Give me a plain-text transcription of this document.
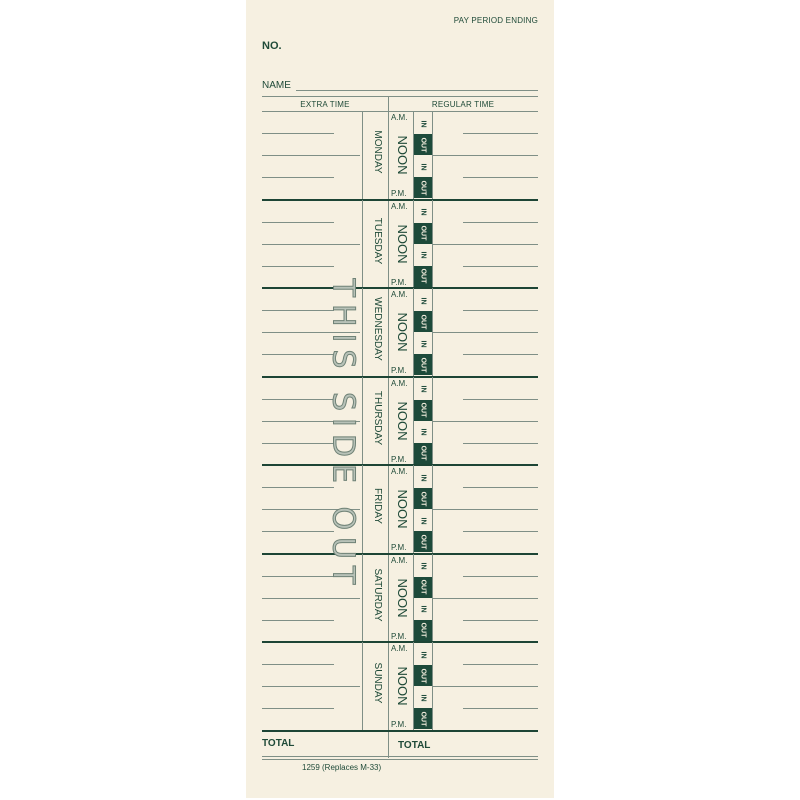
PAY PERIOD ENDING
NO.
NAME
EXTRA TIME	REGULAR TIME
MONDAY
A.M.
NOON
P.M.
IN
OUT
IN
OUT
TUESDAY
A.M.
NOON
P.M.
IN
OUT
IN
OUT
WEDNESDAY
A.M.
NOON
P.M.
IN
OUT
IN
OUT
THURSDAY
A.M.
NOON
P.M.
IN
OUT
IN
OUT
FRIDAY
A.M.
NOON
P.M.
IN
OUT
IN
OUT
SATURDAY
A.M.
NOON
P.M.
IN
OUT
IN
OUT
SUNDAY
A.M.
NOON
P.M.
IN
OUT
IN
OUT
THIS SIDE OUT
TOTAL	TOTAL
1259 (Replaces M-33)
